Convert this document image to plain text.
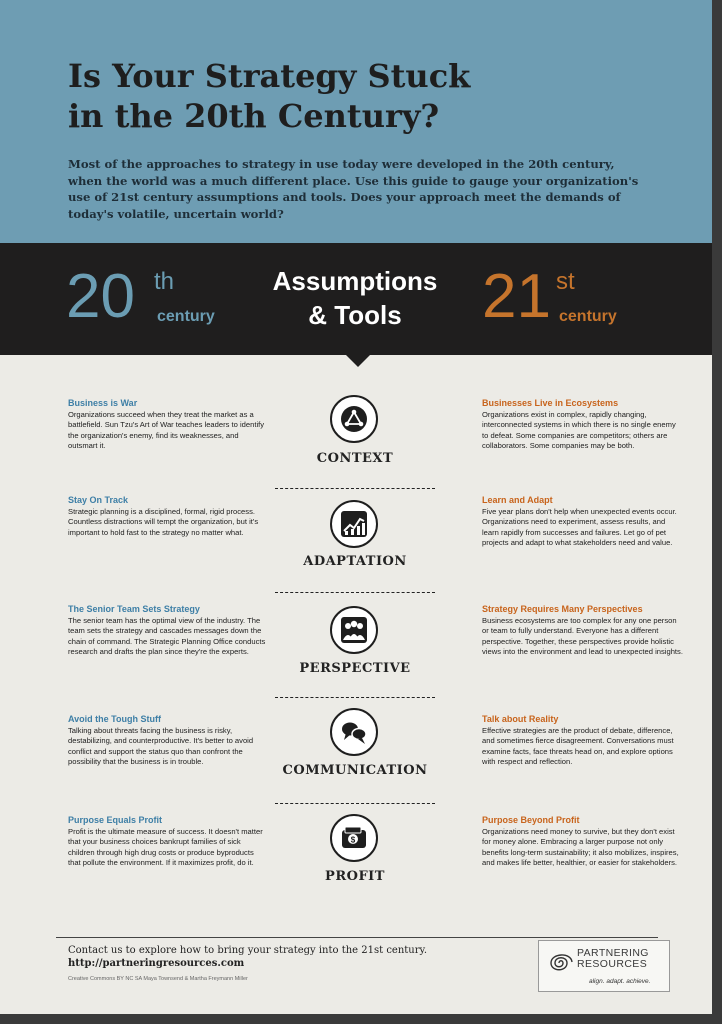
Is Your Strategy Stuck
in the 20th Century?

Most of the approaches to strategy in use today were developed in the 20th century, when the world was a much different place. Use this guide to gauge your organization's use of 21st century assumptions and tools. Does your approach meet the demands of today's volatile, uncertain world?

20 th
century
Assumptions
& Tools	21 st
century
Business is War
Organizations succeed when they treat the market as a battlefield. Sun Tzu's Art of War teaches leaders to identify the organization's enemy, find its weaknesses, and outsmart it.
CONTEXT
Businesses Live in Ecosystems
Organizations exist in complex, rapidly changing, interconnected systems in which there is no single enemy to defeat. Some companies are competitors; others are collaborators. Some companies may be both.
Stay On Track
Strategic planning is a disciplined, formal, rigid process. Countless distractions will tempt the organization, but it's important to hold fast to the strategy no matter what.
ADAPTATION
Learn and Adapt
Five year plans don't help when unexpected events occur. Organizations need to experiment, assess results, and learn rapidly from successes and failures. Let go of pet projects and adapt to what stakeholders need and value.
The Senior Team Sets Strategy
The senior team has the optimal view of the industry. The team sets the strategy and cascades messages down the chain of command. The Strategic Planning Office conducts research and drafts the plan since they're the experts.
PERSPECTIVE
Strategy Requires Many Perspectives
Business ecosystems are too complex for any one person or team to fully understand. Everyone has a different perspective. Together, these perspectives provide holistic views into the environment and lead to unexpected insights.
Avoid the Tough Stuff
Talking about threats facing the business is risky, destabilizing, and counterproductive. It's better to avoid conflict and support the status quo than confront the possibility that the business is in trouble.
COMMUNICATION
Talk about Reality
Effective strategies are the product of debate, difference, and sometimes fierce disagreement. Conversations must examine facts, face threats head on, and explore options with respect and reflection.
Purpose Equals Profit
Profit is the ultimate measure of success. It doesn't matter that your business choices bankrupt families of sick children through high drug costs or produce byproducts that pollute the environment. If it maximizes profit, do it.
$
PROFIT
Purpose Beyond Profit
Organizations need money to survive, but they don't exist for money alone. Embracing a larger purpose not only benefits long-term sustainability; it also mobilizes, inspires, and makes life better, healthier, or easier for stakeholders.
Contact us to explore how to bring your strategy into the 21st century.
http://partneringresources.com
Creative Commons BY NC SA Maya Townsend & Martha Freymann Miller
PARTNERING
RESOURCES
align. adapt. achieve.
